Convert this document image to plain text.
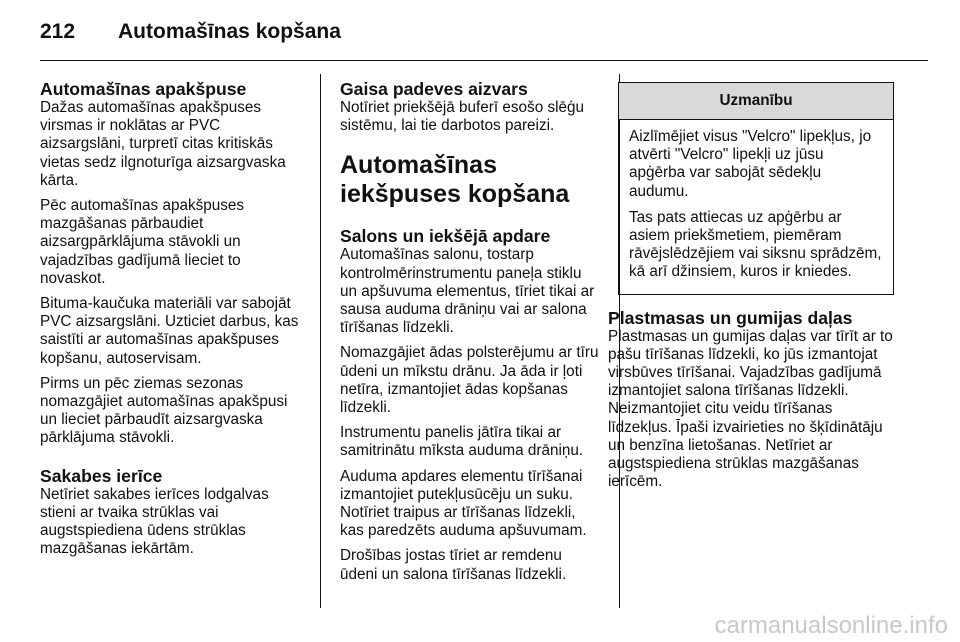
212 Automašīnas kopšana
Automašīnas apakšpuse

Dažas automašīnas apakšpuses virsmas ir noklātas ar PVC aizsargslāni, turpretī citas kritiskās vietas sedz ilgnoturīga aizsargvaska kārta.

Pēc automašīnas apakšpuses mazgāšanas pārbaudiet aizsargpārklājuma stāvokli un vajadzības gadījumā lieciet to novaskot.

Bituma-kaučuka materiāli var sabojāt PVC aizsargslāni. Uzticiet darbus, kas saistīti ar automašīnas apakšpuses kopšanu, autoservisam.

Pirms un pēc ziemas sezonas nomazgājiet automašīnas apakšpusi un lieciet pārbaudīt aizsargvaska pārklājuma stāvokli.

Sakabes ierīce

Netīriet sakabes ierīces lodgalvas stieni ar tvaika strūklas vai augstspiediena ūdens strūklas mazgāšanas iekārtām.

Gaisa padeves aizvars

Notīriet priekšējā buferī esošo slēģu sistēmu, lai tie darbotos pareizi.

Automašīnas iekšpuses kopšana
Salons un iekšējā apdare

Automašīnas salonu, tostarp kontrolmērinstrumentu paneļa stiklu un apšuvuma elementus, tīriet tikai ar sausa auduma drāniņu vai ar salona tīrīšanas līdzekli.

Nomazgājiet ādas polsterējumu ar tīru ūdeni un mīkstu drānu. Ja āda ir ļoti netīra, izmantojiet ādas kopšanas līdzekli.

Instrumentu panelis jātīra tikai ar samitrinātu mīksta auduma drāniņu.

Auduma apdares elementu tīrīšanai izmantojiet putekļusūcēju un suku. Notīriet traipus ar tīrīšanas līdzekli, kas paredzēts auduma apšuvumam.

Drošības jostas tīriet ar remdenu ūdeni un salona tīrīšanas līdzekli.

Uzmanību

Aizlīmējiet visus "Velcro" lipekļus, jo atvērti "Velcro" lipekļi uz jūsu apģērba var sabojāt sēdekļu audumu.

Tas pats attiecas uz apģērbu ar asiem priekšmetiem, piemēram rāvējslēdzējiem vai siksnu sprādzēm, kā arī džinsiem, kuros ir kniedes.

Plastmasas un gumijas daļas

Plastmasas un gumijas daļas var tīrīt ar to pašu tīrīšanas līdzekli, ko jūs izmantojat virsbūves tīrīšanai. Vajadzības gadījumā izmantojiet salona tīrīšanas līdzekli. Neizmantojiet citu veidu tīrīšanas līdzekļus. Īpaši izvairieties no šķīdinātāju un benzīna lietošanas. Netīriet ar augstspiediena strūklas mazgāšanas ierīcēm.

carmanualsonline.info
